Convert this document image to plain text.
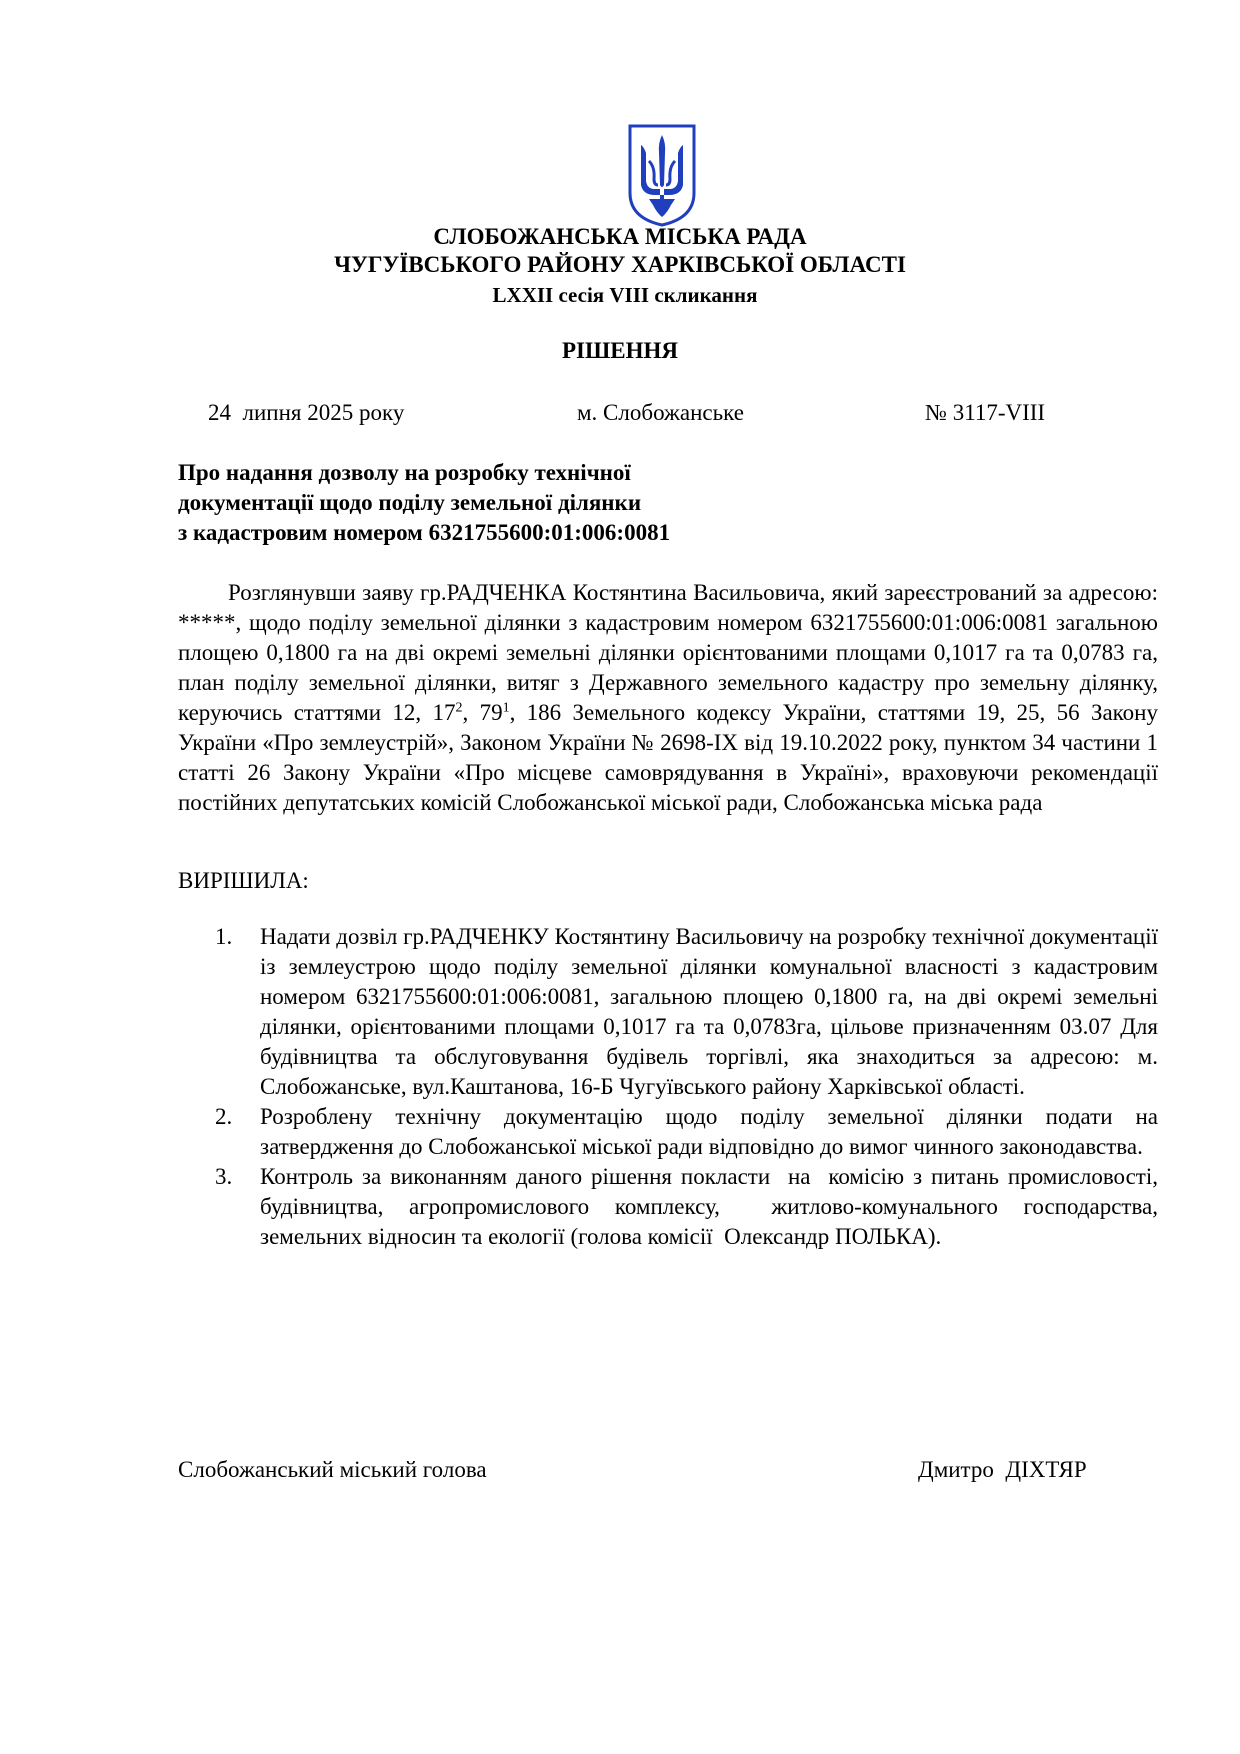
СЛОБОЖАНСЬКА МІСЬКА РАДА
ЧУГУЇВСЬКОГО РАЙОНУ ХАРКІВСЬКОЇ ОБЛАСТІ
LXXII сесія VIII скликання
РІШЕННЯ
24  липня 2025 року	м. Слобожанське	№ 3117-VIII
Про надання дозволу на розробку технічної
документації щодо поділу земельної ділянки
з кадастровим номером 6321755600:01:006:0081
Розглянувши заяву гр.РАДЧЕНКА Костянтина Васильовича, який зареєстрований за адресою: *****, щодо поділу земельної ділянки з кадастровим номером 6321755600:01:006:0081 загальною площею 0,1800 га на дві окремі земельні ділянки орієнтованими площами 0,1017 га та 0,0783 га, план поділу земельної ділянки, витяг з Державного земельного кадастру про земельну ділянку, керуючись статтями 12, $17^2$, $79^1$, 186 Земельного кодексу України, статтями 19, 25, 56 Закону України «Про землеустрій», Законом України № 2698-IX від 19.10.2022 року, пунктом 34 частини 1 статті 26 Закону України «Про місцеве самоврядування в Україні», враховуючи рекомендації постійних депутатських комісій Слобожанської міської ради, Слобожанська міська рада
ВИРІШИЛА:
1. Надати дозвіл гр.РАДЧЕНКУ Костянтину Васильовичу на розробку технічної документації із землеустрою щодо поділу земельної ділянки комунальної власності з кадастровим номером 6321755600:01:006:0081, загальною площею 0,1800 га, на дві окремі земельні ділянки, орієнтованими площами 0,1017 га та 0,0783га, цільове призначенням 03.07 Для будівництва та обслуговування будівель торгівлі, яка знаходиться за адресою: м. Слобожанське, вул.Каштанова, 16-Б Чугуївського району Харківської області.
2. Розроблену технічну документацію щодо поділу земельної ділянки подати на затвердження до Слобожанської міської ради відповідно до вимог чинного законодавства.
3. Контроль за виконанням даного рішення покласти  на  комісію з питань промисловості, будівництва, агропромислового комплексу,  житлово-комунального господарства, земельних відносин та екології (голова комісії  Олександр ПОЛЬКА).
Слобожанський міський голова	Дмитро  ДІХТЯР
